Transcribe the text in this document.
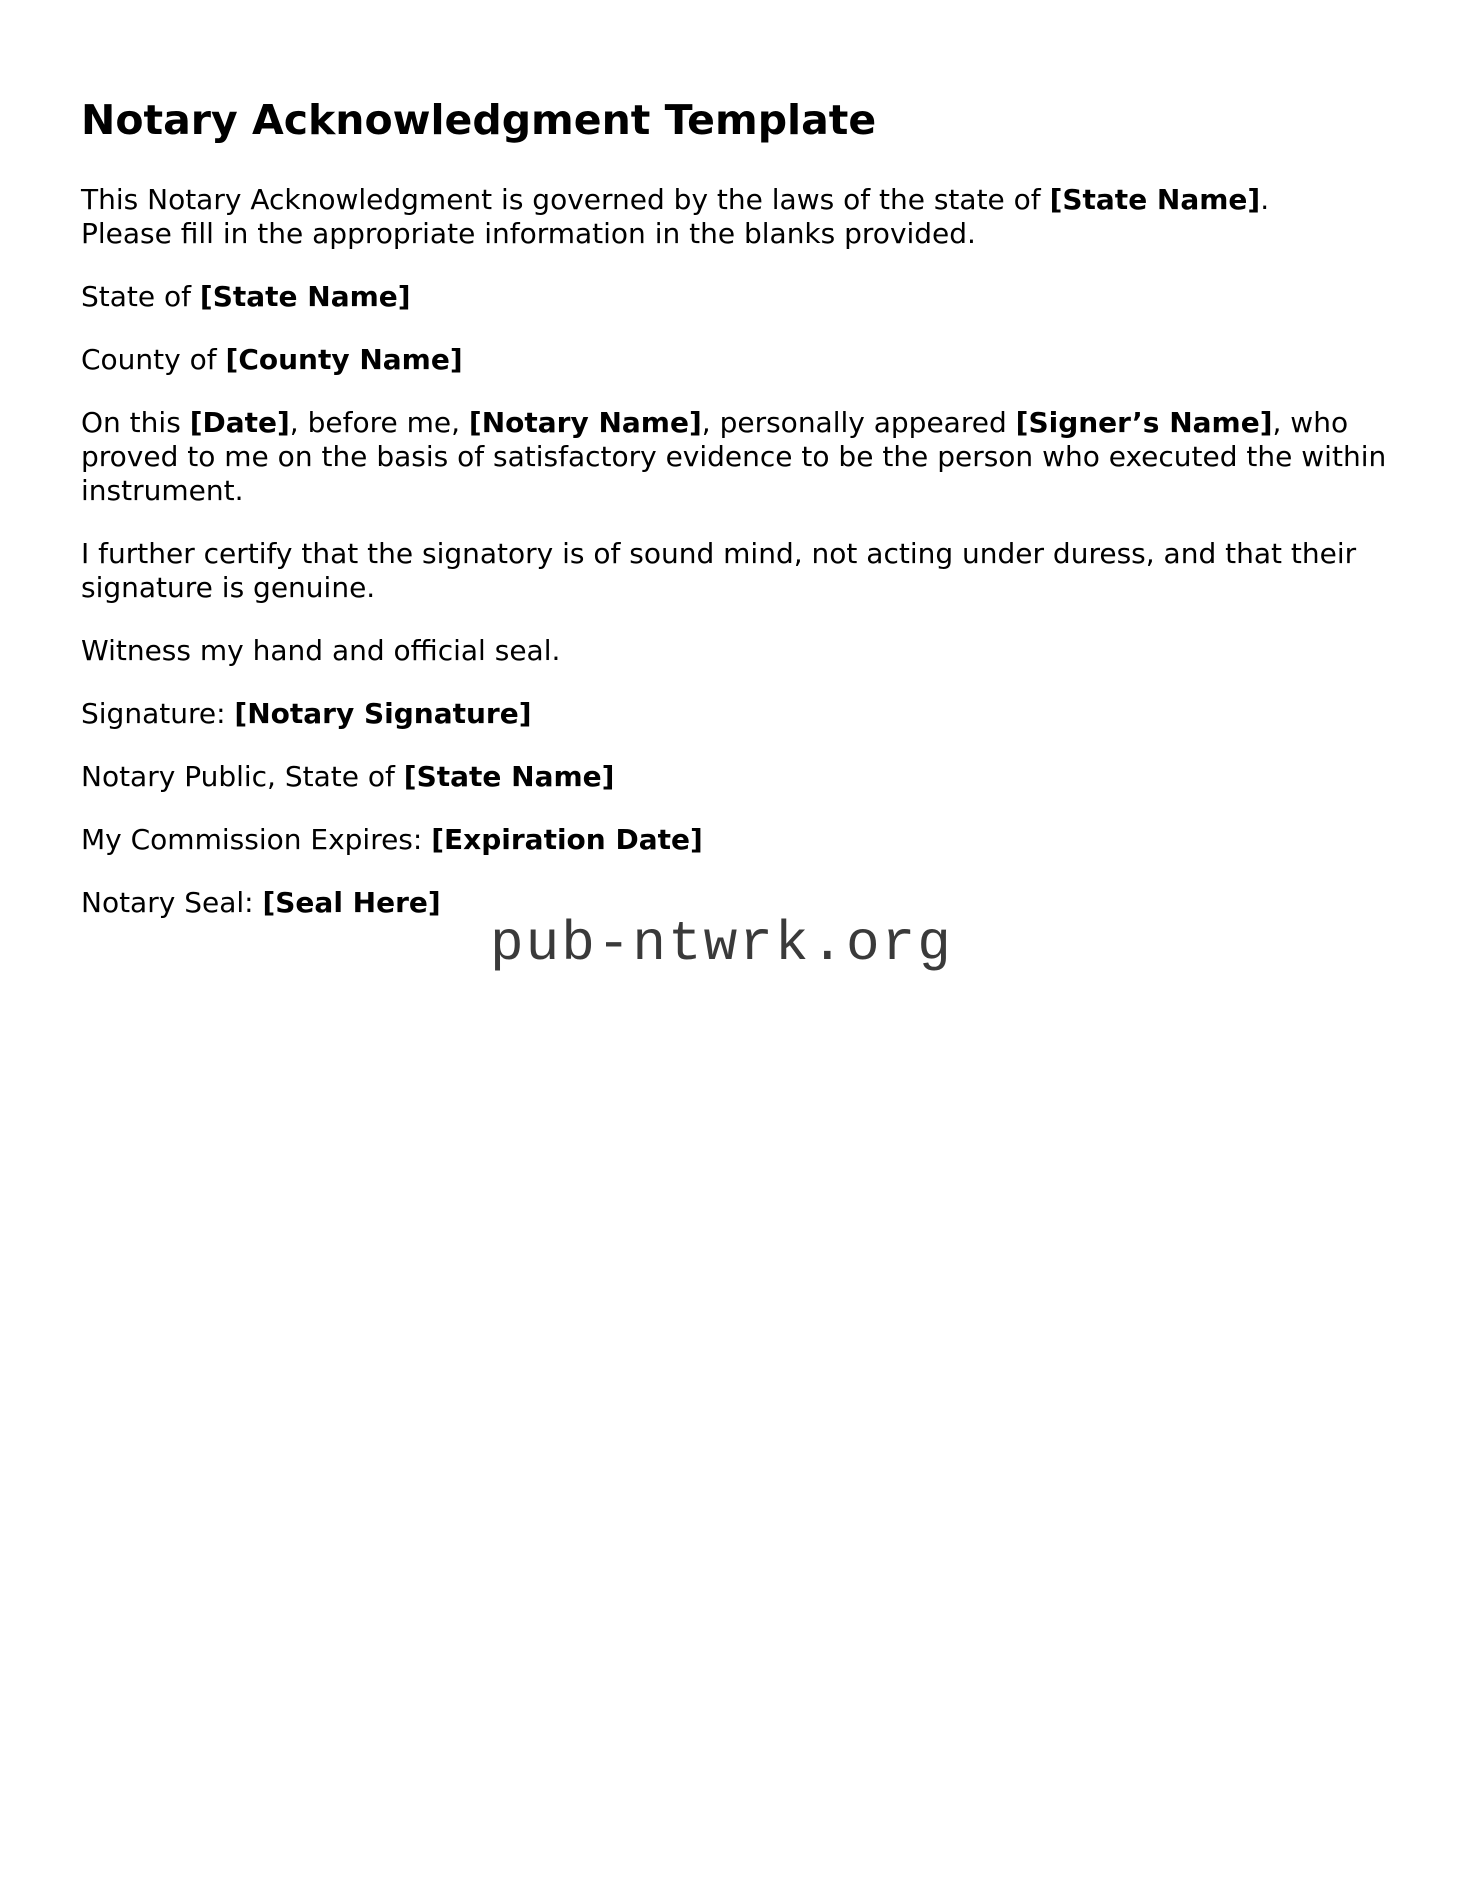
Notary Acknowledgment Template

This Notary Acknowledgment is governed by the laws of the state of [State Name].
Please fill in the appropriate information in the blanks provided.

State of [State Name]

County of [County Name]

On this [Date], before me, [Notary Name], personally appeared [Signer’s Name], who proved to me on the basis of satisfactory evidence to be the person who executed the within instrument.

I further certify that the signatory is of sound mind, not acting under duress, and that their signature is genuine.

Witness my hand and official seal.

Signature: [Notary Signature]

Notary Public, State of [State Name]

My Commission Expires: [Expiration Date]

Notary Seal: [Seal Here]

pub-ntwrk.org
